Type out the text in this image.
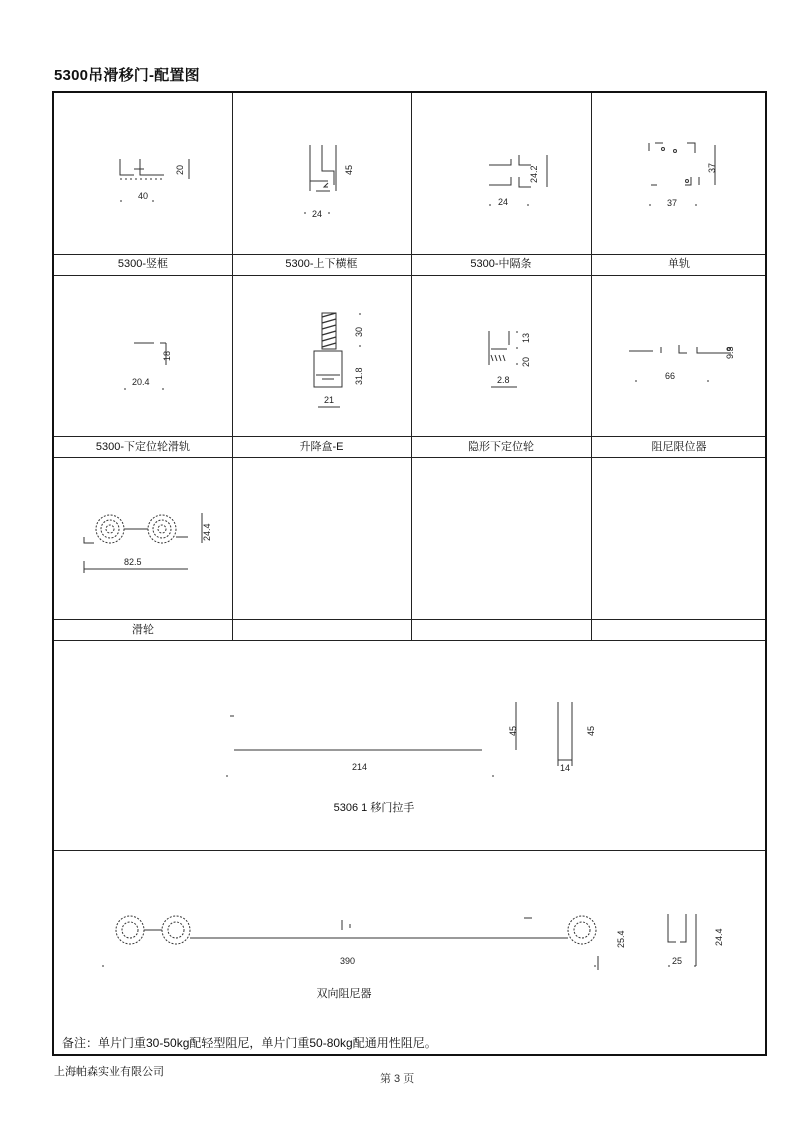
5300吊滑移门-配置图
5300-竖框	5300-上下横框	5300-中隔条	单轨
5300-下定位轮滑轨	升降盒-E	隐形下定位轮	阻尼限位器
滑轮
40
20	45
24
24.2
24
37
37
18
20.4
30
31.8
21
13
20
2.8
9.3
66
82.5
24.4
214
45	45
14
5306 1 移门拉手
390
25.4	24.4
25
双向阻尼器
备注：单片门重30-50kg配轻型阻尼，单片门重50-80kg配通用性阻尼。
上海帕森实业有限公司
第 3 页
